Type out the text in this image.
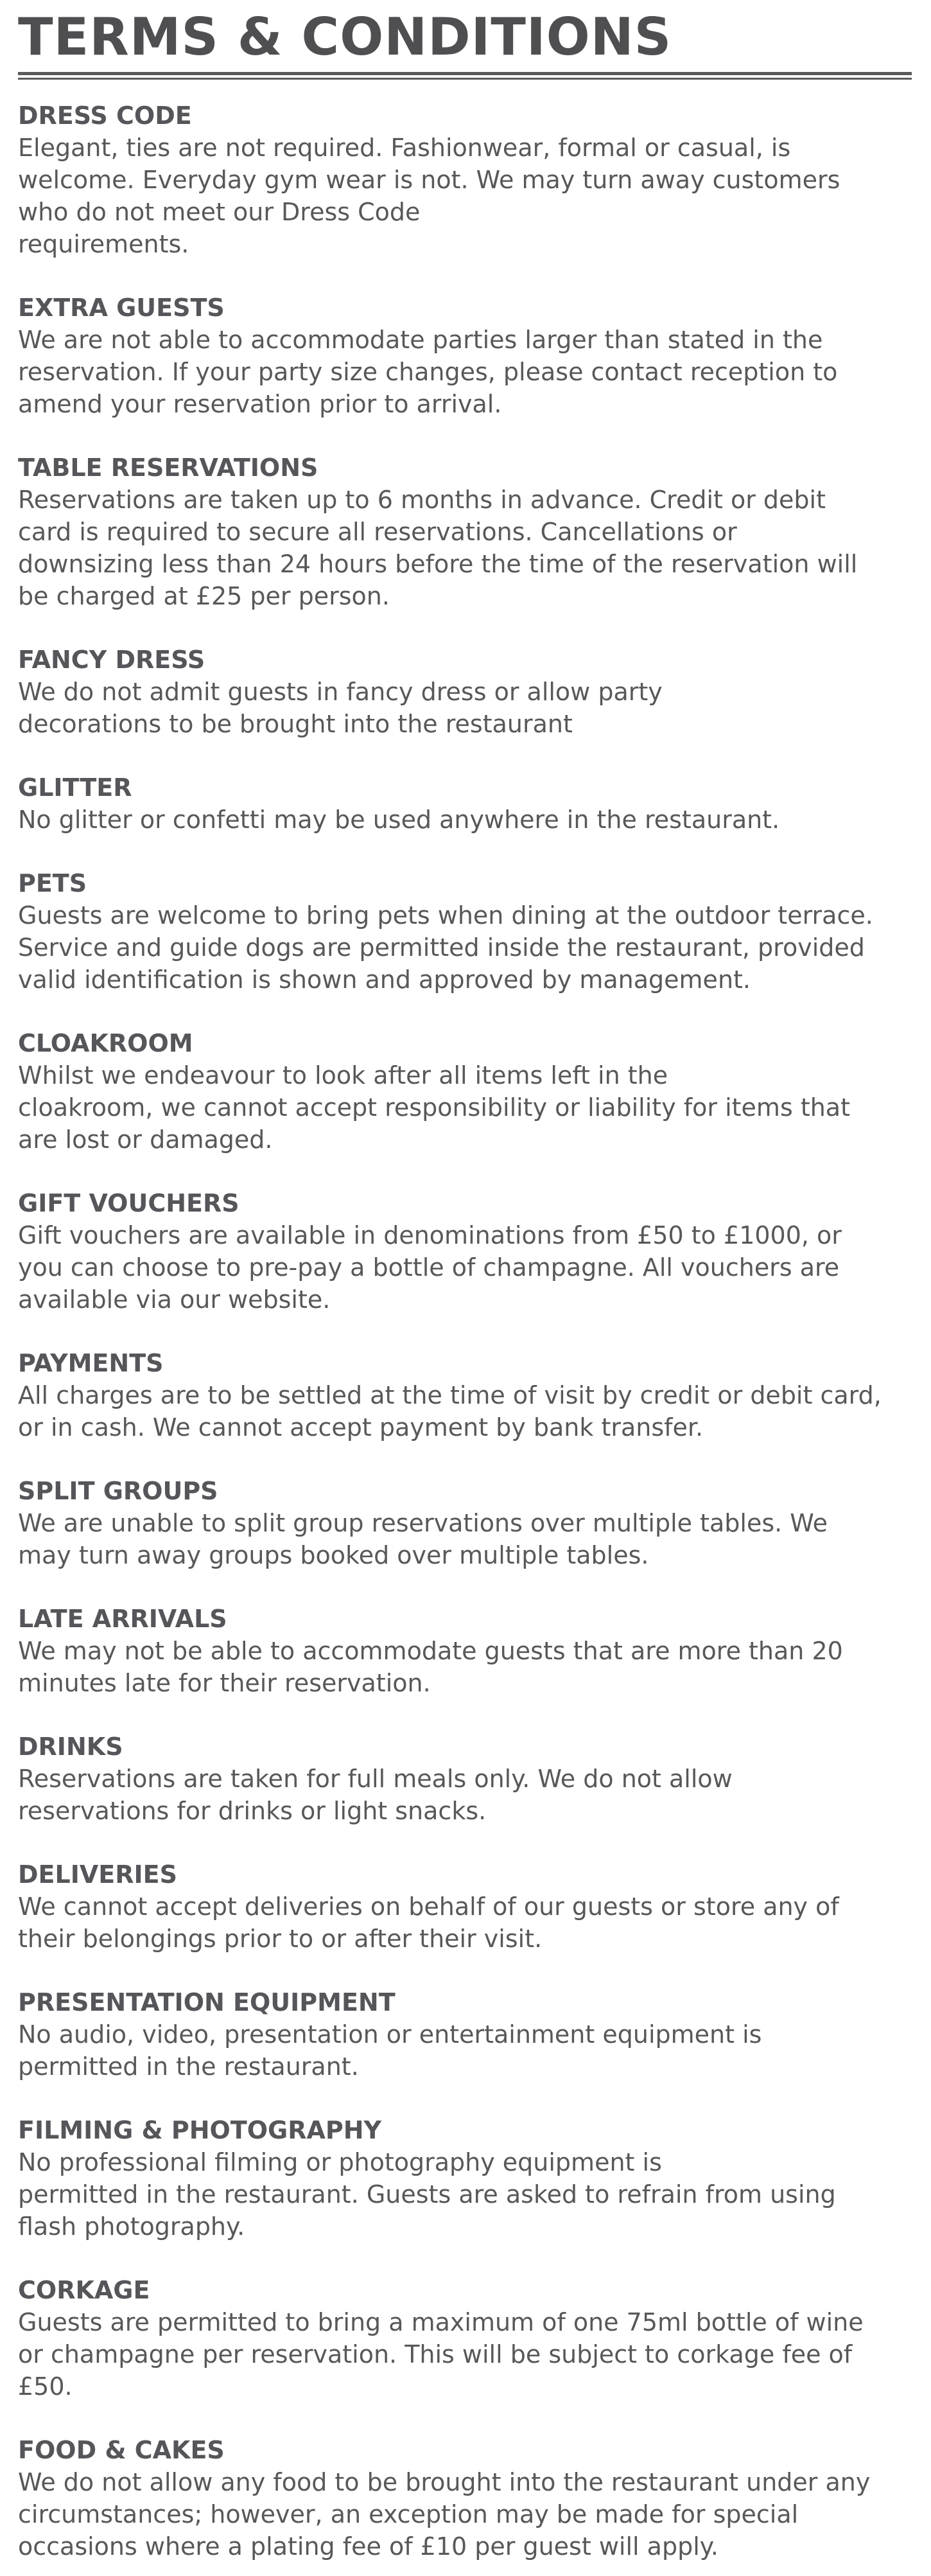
TERMS & CONDITIONS
DRESS CODE
Elegant, ties are not required. Fashionwear, formal or casual, is
welcome. Everyday gym wear is not. We may turn away customers
who do not meet our Dress Code
requirements.
EXTRA GUESTS
We are not able to accommodate parties larger than stated in the
reservation. If your party size changes, please contact reception to
amend your reservation prior to arrival.
TABLE RESERVATIONS
Reservations are taken up to 6 months in advance. Credit or debit
card is required to secure all reservations. Cancellations or
downsizing less than 24 hours before the time of the reservation will
be charged at £25 per person.
FANCY DRESS
We do not admit guests in fancy dress or allow party
decorations to be brought into the restaurant
GLITTER
No glitter or confetti may be used anywhere in the restaurant.
PETS
Guests are welcome to bring pets when dining at the outdoor terrace.
Service and guide dogs are permitted inside the restaurant, provided
valid identification is shown and approved by management.
CLOAKROOM
Whilst we endeavour to look after all items left in the
cloakroom, we cannot accept responsibility or liability for items that
are lost or damaged.
GIFT VOUCHERS
Gift vouchers are available in denominations from £50 to £1000, or
you can choose to pre-pay a bottle of champagne. All vouchers are
available via our website.
PAYMENTS
All charges are to be settled at the time of visit by credit or debit card,
or in cash. We cannot accept payment by bank transfer.
SPLIT GROUPS
We are unable to split group reservations over multiple tables. We
may turn away groups booked over multiple tables.
LATE ARRIVALS
We may not be able to accommodate guests that are more than 20
minutes late for their reservation.
DRINKS
Reservations are taken for full meals only. We do not allow
reservations for drinks or light snacks.
DELIVERIES
We cannot accept deliveries on behalf of our guests or store any of
their belongings prior to or after their visit.
PRESENTATION EQUIPMENT
No audio, video, presentation or entertainment equipment is
permitted in the restaurant.
FILMING & PHOTOGRAPHY
No professional filming or photography equipment is
permitted in the restaurant. Guests are asked to refrain from using
flash photography.
CORKAGE
Guests are permitted to bring a maximum of one 75ml bottle of wine
or champagne per reservation. This will be subject to corkage fee of
£50.
FOOD & CAKES
We do not allow any food to be brought into the restaurant under any
circumstances; however, an exception may be made for special
occasions where a plating fee of £10 per guest will apply.
